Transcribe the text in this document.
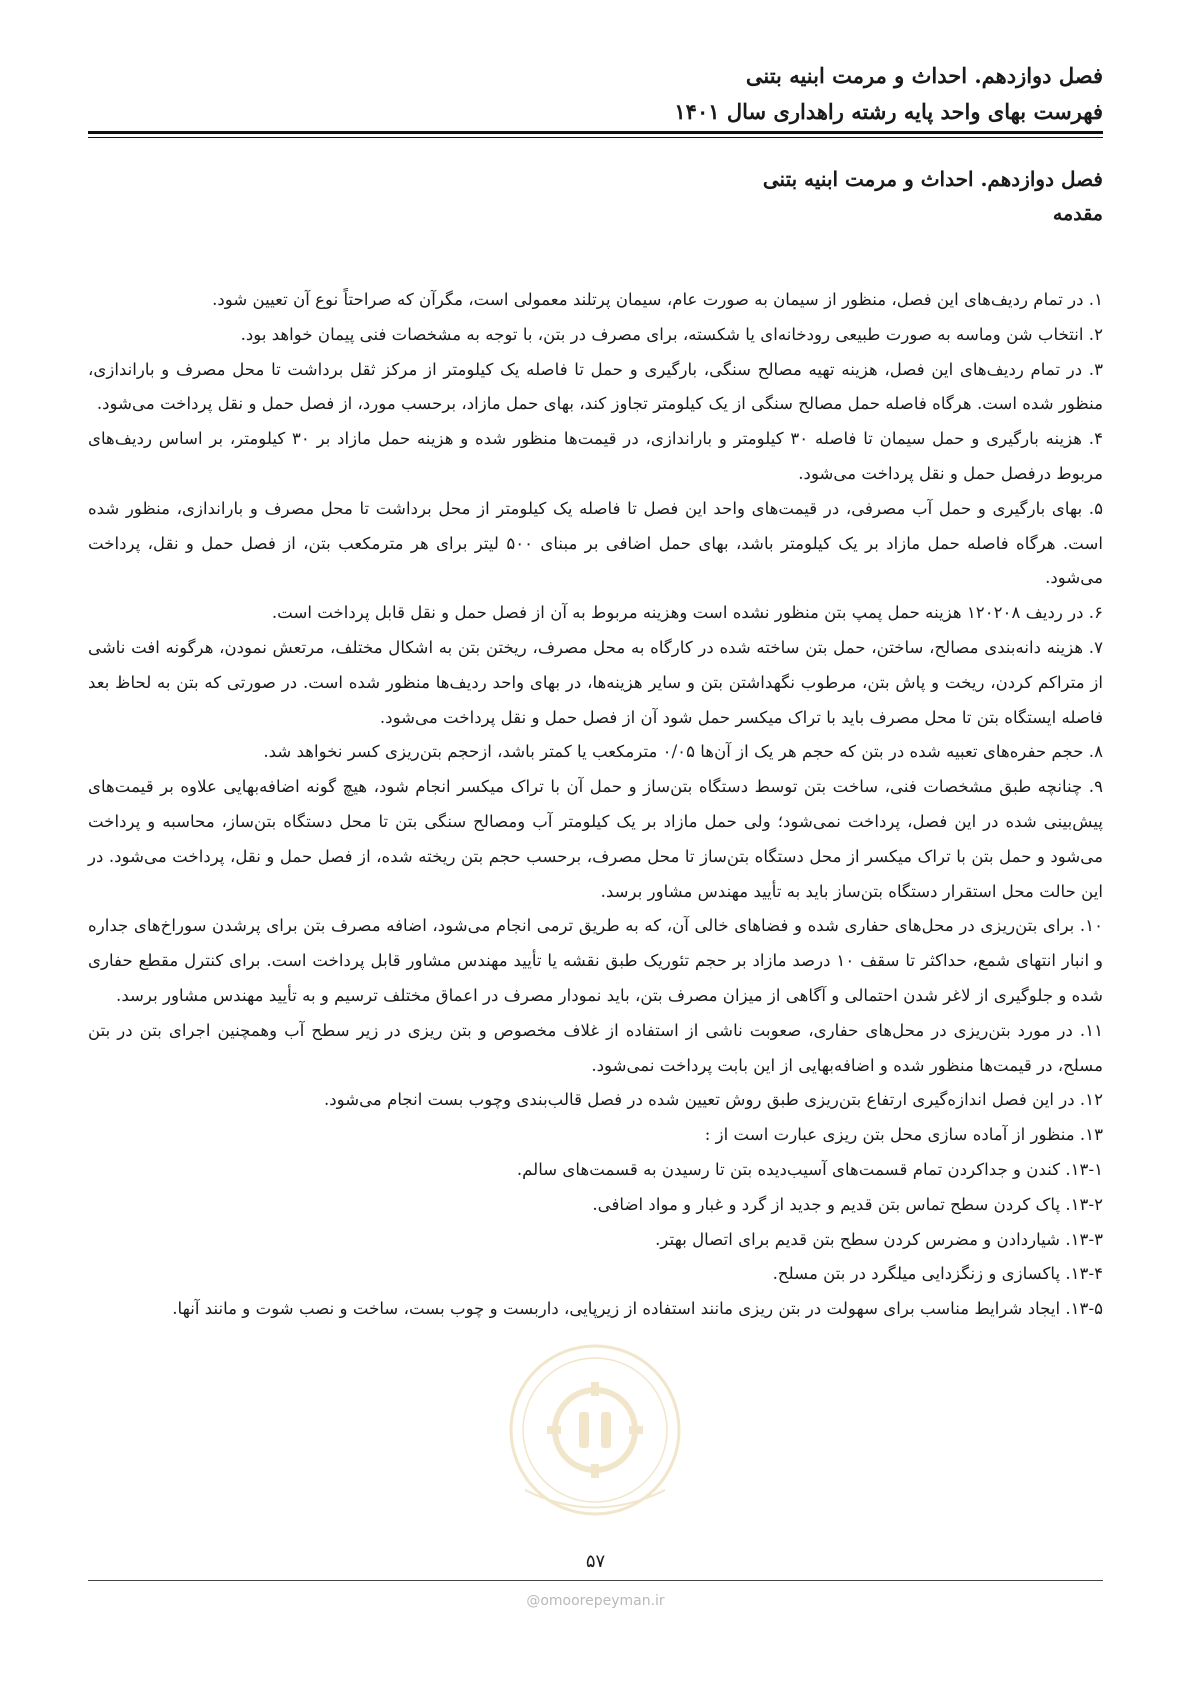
فصل دوازدهم. احداث و مرمت ابنیه بتنی
فهرست بهای واحد پایه رشته راهداری سال ۱۴۰۱
فصل دوازدهم. احداث و مرمت ابنیه بتنی
مقدمه

۱. در تمام ردیف‌های این فصل، منظور از سیمان به صورت عام، سیمان پرتلند معمولی است، مگرآن که صراحتاً نوع آن تعیین شود.

۲. انتخاب شن وماسه به صورت طبیعی رودخانه‌ای یا شکسته، برای مصرف در بتن، با توجه به مشخصات فنی پیمان خواهد بود.

۳. در تمام ردیف‌های این فصل، هزینه تهیه مصالح سنگی، بارگیری و حمل تا فاصله یک کیلومتر از مرکز ثقل برداشت تا محل مصرف و باراندازی، منظور شده است. هرگاه فاصله حمل مصالح سنگی از یک کیلومتر تجاوز کند، بهای حمل مازاد، برحسب مورد، از فصل حمل و نقل پرداخت می‌شود.

۴. هزینه بارگیری و حمل سیمان تا فاصله ۳۰ کیلومتر و باراندازی، در قیمت‌ها منظور شده و هزینه حمل مازاد بر ۳۰ کیلومتر، بر اساس ردیف‌های مربوط درفصل حمل و نقل پرداخت می‌شود.

۵. بهای بارگیری و حمل آب مصرفی، در قیمت‌های واحد این فصل تا فاصله یک کیلومتر از محل برداشت تا محل مصرف و باراندازی، منظور شده است. هرگاه فاصله حمل مازاد بر یک کیلومتر باشد، بهای حمل اضافی بر مبنای ۵۰۰ لیتر برای هر مترمکعب بتن، از فصل حمل و نقل، پرداخت می‌شود.

۶. در ردیف ۱۲۰۲۰۸ هزینه حمل پمپ بتن منظور نشده است وهزینه مربوط به آن از فصل حمل و نقل قابل پرداخت است.

۷. هزینه دانه‌بندی مصالح، ساختن، حمل بتن ساخته شده در کارگاه به محل مصرف، ریختن بتن به اشکال مختلف، مرتعش نمودن، هرگونه افت ناشی از متراکم کردن، ریخت و پاش بتن، مرطوب نگهداشتن بتن و سایر هزینه‌ها، در بهای واحد ردیف‌ها منظور شده است. در صورتی که بتن به لحاظ بعد فاصله ایستگاه بتن تا محل مصرف باید با تراک میکسر حمل شود آن از فصل حمل و نقل پرداخت می‌شود.

۸. حجم حفره‌های تعبیه شده در بتن که حجم هر یک از آن‌ها ۰/۰۵ مترمکعب یا کمتر باشد، ازحجم بتن‌ریزی کسر نخواهد شد.

۹. چنانچه طبق مشخصات فنی، ساخت بتن توسط دستگاه بتن‌ساز و حمل آن با تراک میکسر انجام شود، هیچ گونه اضافه‌بهایی علاوه بر قیمت‌های پیش‌بینی شده در این فصل، پرداخت نمی‌شود؛ ولی حمل مازاد بر یک کیلومتر آب ومصالح سنگی بتن تا محل دستگاه بتن‌ساز، محاسبه و پرداخت می‌شود و حمل بتن با تراک میکسر از محل دستگاه بتن‌ساز تا محل مصرف، برحسب حجم بتن ریخته شده، از فصل حمل و نقل، پرداخت می‌شود. در این حالت محل استقرار دستگاه بتن‌ساز باید به تأیید مهندس مشاور برسد.

۱۰. برای بتن‌ریزی در محل‌های حفاری شده و فضاهای خالی آن، که به طریق ترمی انجام می‌شود، اضافه مصرف بتن برای پرشدن سوراخ‌های جداره و انبار انتهای شمع، حداکثر تا سقف ۱۰ درصد مازاد بر حجم تئوریک طبق نقشه یا تأیید مهندس مشاور قابل پرداخت است. برای کنترل مقطع حفاری شده و جلوگیری از لاغر شدن احتمالی و آگاهی از میزان مصرف بتن، باید نمودار مصرف در اعماق مختلف ترسیم و به تأیید مهندس مشاور برسد.

۱۱. در مورد بتن‌ریزی در محل‌های حفاری، صعوبت ناشی از استفاده از غلاف مخصوص و بتن ریزی در زیر سطح آب وهمچنین اجرای بتن در بتن مسلح، در قیمت‌ها منظور شده و اضافه‌بهایی از این بابت پرداخت نمی‌شود.

۱۲. در این فصل اندازه‌گیری ارتفاع بتن‌ریزی طبق روش تعیین شده در فصل قالب‌بندی وچوب بست انجام می‌شود.

۱۳. منظور از آماده سازی محل بتن ریزی عبارت است از :

۱۳-۱. کندن و جداکردن تمام قسمت‌های آسیب‌دیده بتن تا رسیدن به قسمت‌های سالم.

۱۳-۲. پاک کردن سطح تماس بتن قدیم و جدید از گرد و غبار و مواد اضافی.

۱۳-۳. شیاردادن و مضرس کردن سطح بتن قدیم برای اتصال بهتر.

۱۳-۴. پاکسازی و زنگزدایی میلگرد در بتن مسلح.

۱۳-۵. ایجاد شرایط مناسب برای سهولت در بتن ریزی مانند استفاده از زیرپایی، داربست و چوب بست، ساخت و نصب شوت و مانند آنها.

۵۷
@omoorepeyman.ir
